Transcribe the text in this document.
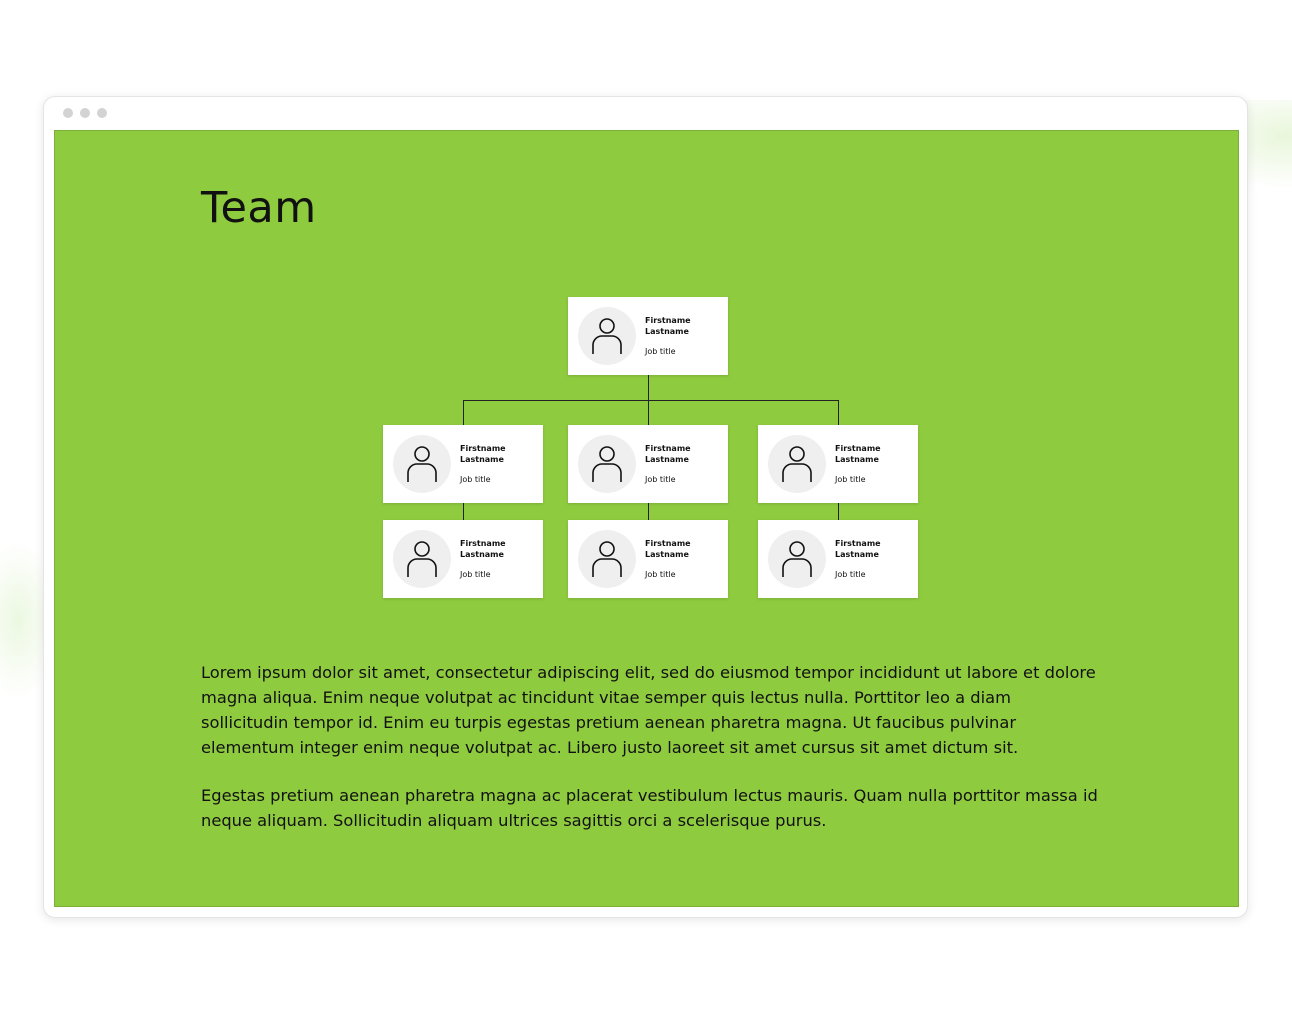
Team
Firstname
Lastname
Job title
Firstname
Lastname
Job title
Firstname
Lastname
Job title
Firstname
Lastname
Job title
Firstname
Lastname
Job title
Firstname
Lastname
Job title
Firstname
Lastname
Job title

Lorem ipsum dolor sit amet, consectetur adipiscing elit, sed do eiusmod tempor incididunt ut labore et dolore magna aliqua. Enim neque volutpat ac tincidunt vitae semper quis lectus nulla. Porttitor leo a diam sollicitudin tempor id. Enim eu turpis egestas pretium aenean pharetra magna. Ut faucibus pulvinar elementum integer enim neque volutpat ac. Libero justo laoreet sit amet cursus sit amet dictum sit.

Egestas pretium aenean pharetra magna ac placerat vestibulum lectus mauris. Quam nulla porttitor massa id neque aliquam. Sollicitudin aliquam ultrices sagittis orci a scelerisque purus.
